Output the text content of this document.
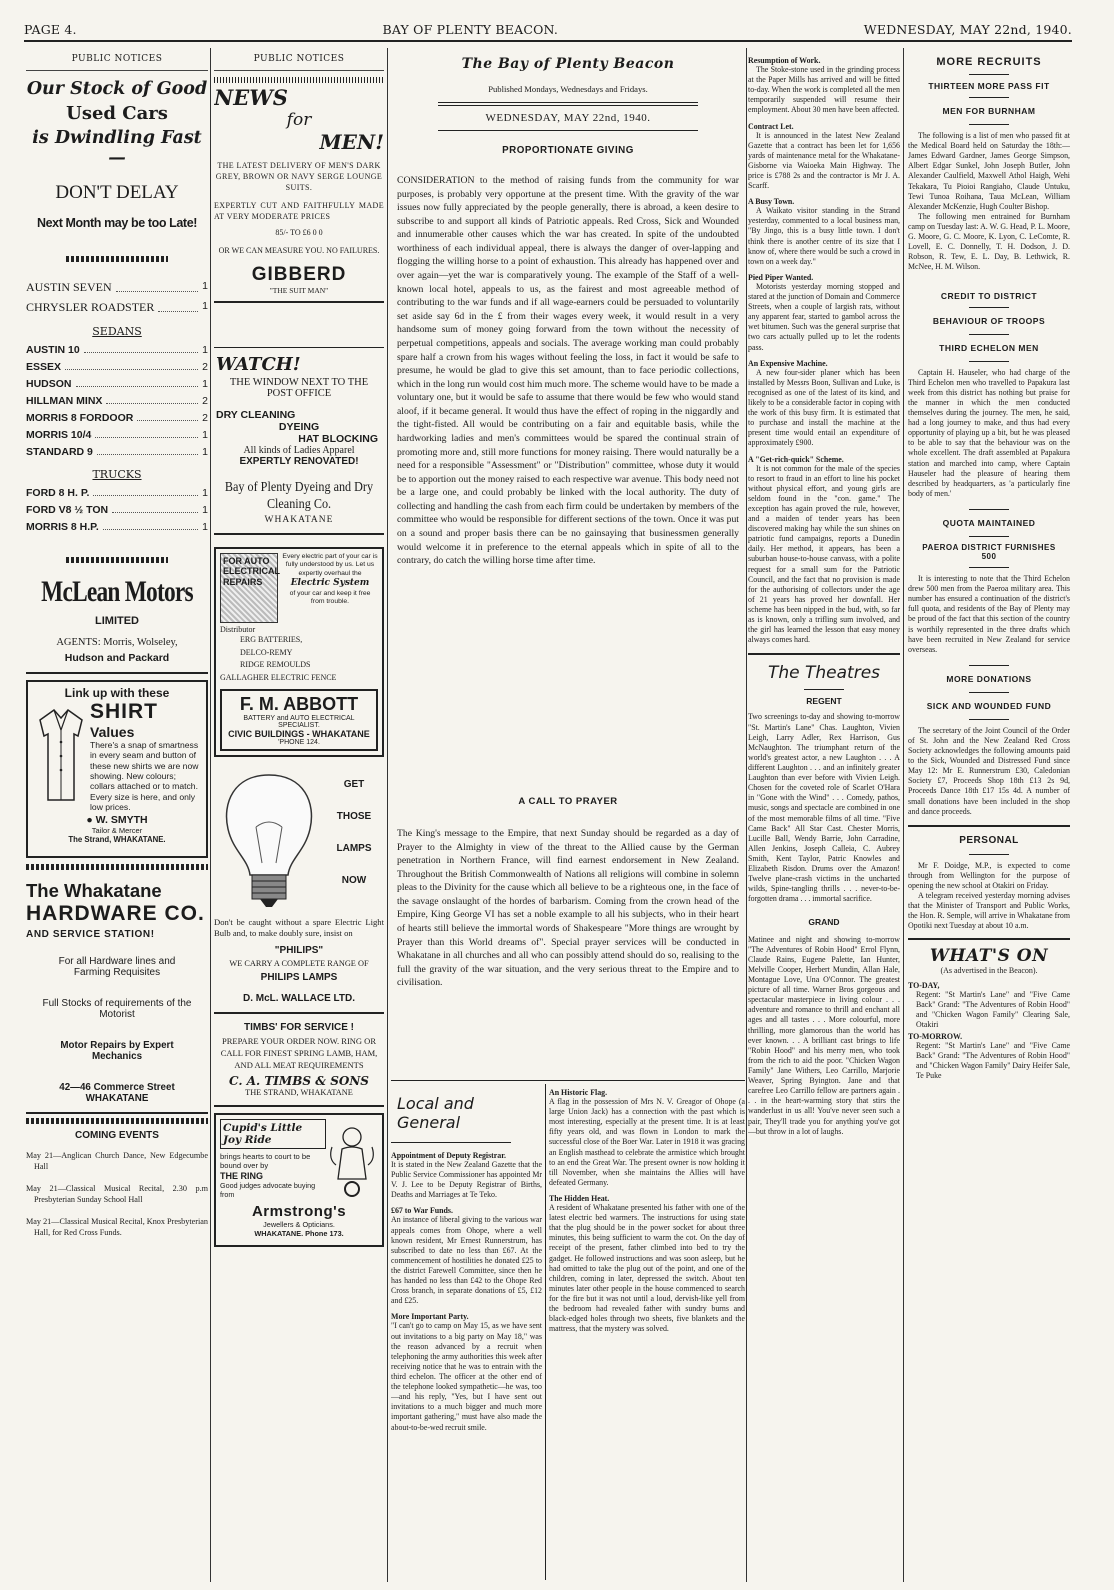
PAGE 4.	BAY OF PLENTY BEACON.	WEDNESDAY, MAY 22nd, 1940.
PUBLIC NOTICES
Our Stock of Good
Used Cars
is Dwindling Fast—
DON'T DELAY
Next Month may be too Late!
AUSTIN SEVEN	1
CHRYSLER ROADSTER	1
SEDANS
AUSTIN 10	1
ESSEX	2
HUDSON	1
HILLMAN MINX	2
MORRIS 8 FORDOOR	2
MORRIS 10/4	1
STANDARD 9	1
TRUCKS
FORD 8 H. P.	1
FORD V8 ½ TON	1
MORRIS 8 H.P.	1
McLean Motors
LIMITED
AGENTS: Morris, Wolseley,
Hudson and Packard
Link up with these
SHIRT
Values
There's a snap of smartness in every seam and button of these new shirts we are now showing. New colours; collars attached or to match. Every size is here, and only low prices.
● W. SMYTH
Tailor & Mercer
The Strand, WHAKATANE.
The Whakatane
HARDWARE CO.
AND SERVICE STATION!
For all Hardware lines and Farming Requisites
Full Stocks of requirements of the Motorist
Motor Repairs by Expert Mechanics
42—46 Commerce Street WHAKATANE
COMING EVENTS
May 21—Anglican Church Dance, New Edgecumbe Hall
May 21—Classical Musical Recital, 2.30 p.m Presbyterian Sunday School Hall
May 21—Classical Musical Recital, Knox Presbyterian Hall, for Red Cross Funds.
PUBLIC NOTICES
NEWS
for
MEN!
THE LATEST DELIVERY OF MEN'S DARK GREY, BROWN OR NAVY SERGE LOUNGE SUITS.
EXPERTLY CUT AND FAITHFULLY MADE AT VERY MODERATE PRICES
85/- TO £6 0 0
OR WE CAN MEASURE YOU. NO FAILURES.
GIBBERD
"THE SUIT MAN"
WATCH!
THE WINDOW NEXT TO THE POST OFFICE
DRY CLEANING
DYEING
HAT BLOCKING
All kinds of Ladies Apparel
EXPERTLY RENOVATED!
Bay of Plenty Dyeing and Dry Cleaning Co.
WHAKATANE
FOR AUTO ELECTRICAL REPAIRS
Every electric part of your car is fully understood by us. Let us expertly overhaul the
Electric System
of your car and keep it free from trouble.
Distributor
ERG BATTERIES,
DELCO-REMY
RIDGE REMOULDS
GALLAGHER ELECTRIC FENCE
F. M. ABBOTT
BATTERY and AUTO ELECTRICAL SPECIALIST.
CIVIC BUILDINGS - WHAKATANE
'PHONE 124.
GET
THOSE
LAMPS
NOW
Don't be caught without a spare Electric Light Bulb and, to make doubly sure, insist on
"PHILIPS"
WE CARRY A COMPLETE RANGE OF
PHILIPS LAMPS
D. McL. WALLACE LTD.
TIMBS' FOR SERVICE !
PREPARE YOUR ORDER NOW. RING OR CALL FOR FINEST SPRING LAMB, HAM, AND ALL MEAT REQUIREMENTS
C. A. TIMBS & SONS
THE STRAND, WHAKATANE
Cupid's Little Joy Ride
brings hearts to court to be bound over by
THE RING
Good judges advocate buying from
Armstrong's
Jewellers & Opticians.
WHAKATANE. Phone 173.
The Bay of Plenty Beacon
Published Mondays, Wednesdays and Fridays.
WEDNESDAY, MAY 22nd, 1940.
PROPORTIONATE GIVING
CONSIDERATION to the method of raising funds from the community for war purposes, is probably very opportune at the present time. With the gravity of the war issues now fully appreciated by the people generally, there is abroad, a keen desire to subscribe to and support all kinds of Patriotic appeals. Red Cross, Sick and Wounded and innumerable other causes which the war has created. In spite of the undoubted worthiness of each individual appeal, there is always the danger of over-lapping and flogging the willing horse to a point of exhaustion. This already has happened over and over again—yet the war is comparatively young. The example of the Staff of a well-known local hotel, appeals to us, as the fairest and most agreeable method of contributing to the war funds and if all wage-earners could be persuaded to voluntarily set aside say 6d in the £ from their wages every week, it would result in a very handsome sum of money going forward from the town without the necessity of perpetual competitions, appeals and socials. The average working man could probably spare half a crown from his wages without feeling the loss, in fact it would be safe to presume, he would be glad to give this set amount, than to face periodic collections, which in the long run would cost him much more. The scheme would have to be made a voluntary one, but it would be safe to assume that there would be few who would stand aloof, if it became general. It would thus have the effect of roping in the niggardly and the tight-fisted. All would be contributing on a fair and equitable basis, while the hardworking ladies and men's committees would be spared the continual strain of promoting more and, still more functions for money raising. There would naturally be a need for a responsible "Assessment" or "Distribution" committee, whose duty it would be to apportion out the money raised to each respective war avenue. This body need not be a large one, and could probably be linked with the local authority. The duty of collecting and handling the cash from each firm could be undertaken by members of the committee who would be responsible for different sections of the town. Once it was put on a sound and proper basis there can be no gainsaying that businessmen generally would welcome it in preference to the eternal appeals which in spite of all to the contrary, do catch the willing horse time after time.
A CALL TO PRAYER
The King's message to the Empire, that next Sunday should be regarded as a day of Prayer to the Almighty in view of the threat to the Allied cause by the German penetration in Northern France, will find earnest endorsement in New Zealand. Throughout the British Commonwealth of Nations all religions will combine in solemn pleas to the Divinity for the cause which all believe to be a righteous one, in the face of the savage onslaught of the hordes of barbarism. Coming from the crown head of the Empire, King George VI has set a noble example to all his subjects, who in their heart of hearts still believe the immortal words of Shakespeare "More things are wrought by Prayer than this World dreams of". Special prayer services will be conducted in Whakatane in all churches and all who can possibly attend should do so, realising to the full the gravity of the war situation, and the very serious threat to the Empire and to civilisation.
Local and General
Appointment of Deputy Registrar.
It is stated in the New Zealand Gazette that the Public Service Commissioner has appointed Mr V. J. Lee to be Deputy Registrar of Births, Deaths and Marriages at Te Teko.
£67 to War Funds.
An instance of liberal giving to the various war appeals comes from Ohope, where a well known resident, Mr Ernest Runnerstrum, has subscribed to date no less than £67. At the commencement of hostilities he donated £25 to the district Farewell Committee, since then he has handed no less than £42 to the Ohope Red Cross branch, in separate donations of £5, £12 and £25.
More Important Party.
"I can't go to camp on May 15, as we have sent out invitations to a big party on May 18," was the reason advanced by a recruit when telephoning the army authorities this week after receiving notice that he was to entrain with the third echelon. The officer at the other end of the telephone looked sympathetic—he was, too—and his reply, "Yes, but I have sent out invitations to a much bigger and much more important gathering," must have also made the about-to-be-wed recruit smile.
An Historic Flag.
A flag in the possession of Mrs N. V. Greagor of Ohope (a large Union Jack) has a connection with the past which is most interesting, especially at the present time. It is at least fifty years old, and was flown in London to mark the successful close of the Boer War. Later in 1918 it was gracing an English masthead to celebrate the armistice which brought to an end the Great War. The present owner is now holding it till November, when she maintains the Allies will have defeated Germany.
The Hidden Heat.
A resident of Whakatane presented his father with one of the latest electric bed warmers. The instructions for using state that the plug should be in the power socket for about three minutes, this being sufficient to warm the cot. On the day of receipt of the present, father climbed into bed to try the gadget. He followed instructions and was soon asleep, but he had omitted to take the plug out of the point, and one of the children, coming in later, depressed the switch. About ten minutes later other people in the house commenced to search for the fire but it was not until a loud, dervish-like yell from the bedroom had revealed father with sundry burns and black-edged holes through two sheets, five blankets and the mattress, that the mystery was solved.
Resumption of Work.
The Stoke-stone used in the grinding process at the Paper Mills has arrived and will be fitted to-day. When the work is completed all the men temporarily suspended will resume their employment. About 30 men have been affected.
Contract Let.
It is announced in the latest New Zealand Gazette that a contract has been let for 1,656 yards of maintenance metal for the Whakatane-Gisborne via Waioeka Main Highway. The price is £788 2s and the contractor is Mr J. A. Scarff.
A Busy Town.
A Waikato visitor standing in the Strand yesterday, commented to a local business man, "By Jingo, this is a busy little town. I don't think there is another centre of its size that I know of, where there would be such a crowd in town on a week day."
Pied Piper Wanted.
Motorists yesterday morning stopped and stared at the junction of Domain and Commerce Streets, when a couple of largish rats, without any apparent fear, started to gambol across the wet bitumen. Such was the general surprise that two cars actually pulled up to let the rodents pass.
An Expensive Machine.
A new four-sider planer which has been installed by Messrs Boon, Sullivan and Luke, is recognised as one of the latest of its kind, and likely to be a considerable factor in coping with the work of this busy firm. It is estimated that to purchase and install the machine at the present time would entail an expenditure of approximately £900.
A "Get-rich-quick" Scheme.
It is not common for the male of the species to resort to fraud in an effort to line his pocket without physical effort, and young girls are seldom found in the "con. game." The exception has again proved the rule, however, and a maiden of tender years has been discovered making hay while the sun shines on patriotic fund campaigns, reports a Dunedin daily. Her method, it appears, has been a suburban house-to-house canvass, with a polite request for a small sum for the Patriotic Council, and the fact that no provision is made for the authorising of collectors under the age of 21 years has proved her downfall. Her scheme has been nipped in the bud, with, so far as is known, only a trifling sum involved, and the girl has learned the lesson that easy money always comes hard.
The Theatres
REGENT
Two screenings to-day and showing to-morrow "St. Martin's Lane" Chas. Laughton, Vivien Leigh, Larry Adler, Rex Harrison, Gus McNaughton. The triumphant return of the world's greatest actor, a new Laughton . . . A different Laughton . . . and an infinitely greater Laughton than ever before with Vivien Leigh. Chosen for the coveted role of Scarlet O'Hara in "Gone with the Wind" . . . Comedy, pathos, music, songs and spectacle are combined in one of the most memorable films of all time. "Five Came Back" All Star Cast. Chester Morris, Lucille Ball, Wendy Barrie, John Carradine, Allen Jenkins, Joseph Calleia, C. Aubrey Smith, Kent Taylor, Patric Knowles and Elizabeth Risdon. Drums over the Amazon! Twelve plane-crash victims in the uncharted wilds, Spine-tangling thrills . . . never-to-be-forgotten drama . . . immortal sacrifice.
GRAND
Matinee and night and showing to-morrow "The Adventures of Robin Hood" Errol Flynn, Claude Rains, Eugene Palette, Ian Hunter, Melville Cooper, Herbert Mundin, Allan Hale, Montague Love, Una O'Connor. The greatest picture of all time. Warner Bros gorgeous and spectacular masterpiece in living colour . . . adventure and romance to thrill and enchant all ages and all tastes . . . More colourful, more thrilling, more glamorous than the world has ever known. . . A brilliant cast brings to life "Robin Hood" and his merry men, who took from the rich to aid the poor. "Chicken Wagon Family" Jane Withers, Leo Carrillo, Marjorie Weaver, Spring Byington. Jane and that carefree Leo Carrillo fellow are partners again . . . in the heart-warming story that stirs the wanderlust in us all! You've never seen such a pair, They'll trade you for anything you've got—but throw in a lot of laughs.
MORE RECRUITS
THIRTEEN MORE PASS FIT
MEN FOR BURNHAM
The following is a list of men who passed fit at the Medical Board held on Saturday the 18th:— James Edward Gardner, James George Simpson, Albert Edgar Sunkel, John Joseph Butler, John Alexander Caulfield, Maxwell Athol Haigh, Wehi Tekakara, Tu Pioioi Rangiaho, Claude Untuku, Tewi Tunoa Roihana, Taua McLean, William Alexander McKenzie, Hugh Coulter Bishop.
The following men entrained for Burnham camp on Tuesday last: A. W. G. Head, P. L. Moore, G. Moore, G. C. Moore, K. Lyon, C. LeComte, R. Lovell, E. C. Donnelly, T. H. Dodson, J. D. Robson, R. Tew, E. L. Day, B. Lethwick, R. McNee, H. M. Wilson.
CREDIT TO DISTRICT
BEHAVIOUR OF TROOPS
THIRD ECHELON MEN
Captain H. Hauseler, who had charge of the Third Echelon men who travelled to Papakura last week from this district has nothing but praise for the manner in which the men conducted themselves during the journey. The men, he said, had a long journey to make, and thus had every opportunity of playing up a bit, but he was pleased to be able to say that the behaviour was on the whole excellent. The draft assembled at Papakura station and marched into camp, where Captain Hauseler had the pleasure of hearing them described by headquarters, as 'a particularly fine body of men.'
QUOTA MAINTAINED
PAEROA DISTRICT FURNISHES 500
It is interesting to note that the Third Echelon drew 500 men from the Paeroa military area. This number has ensured a continuation of the district's full quota, and residents of the Bay of Plenty may be proud of the fact that this section of the country is worthily represented in the three drafts which have been recruited in New Zealand for service overseas.
MORE DONATIONS
SICK AND WOUNDED FUND
The secretary of the Joint Council of the Order of St. John and the New Zealand Red Cross Society acknowledges the following amounts paid to the Sick, Wounded and Distressed Fund since May 12: Mr E. Runnerstrum £30, Caledonian Society £7, Proceeds Shop 18th £13 2s 9d, Proceeds Dance 18th £17 15s 4d. A number of small donations have been included in the shop and dance proceeds.
PERSONAL
Mr F. Doidge, M.P., is expected to come through from Wellington for the purpose of opening the new school at Otakiri on Friday.
A telegram received yesterday morning advises that the Minister of Transport and Public Works, the Hon. R. Semple, will arrive in Whakatane from Opotiki next Tuesday at about 10 a.m.
WHAT'S ON
(As advertised in the Beacon).
TO-DAY,
Regent: "St Martin's Lane" and "Five Came Back" Grand: "The Adventures of Robin Hood" and "Chicken Wagon Family" Clearing Sale, Otakiri
TO-MORROW.
Regent: "St Martin's Lane" and "Five Came Back" Grand: "The Adventures of Robin Hood" and "Chicken Wagon Family" Dairy Heifer Sale, Te Puke
